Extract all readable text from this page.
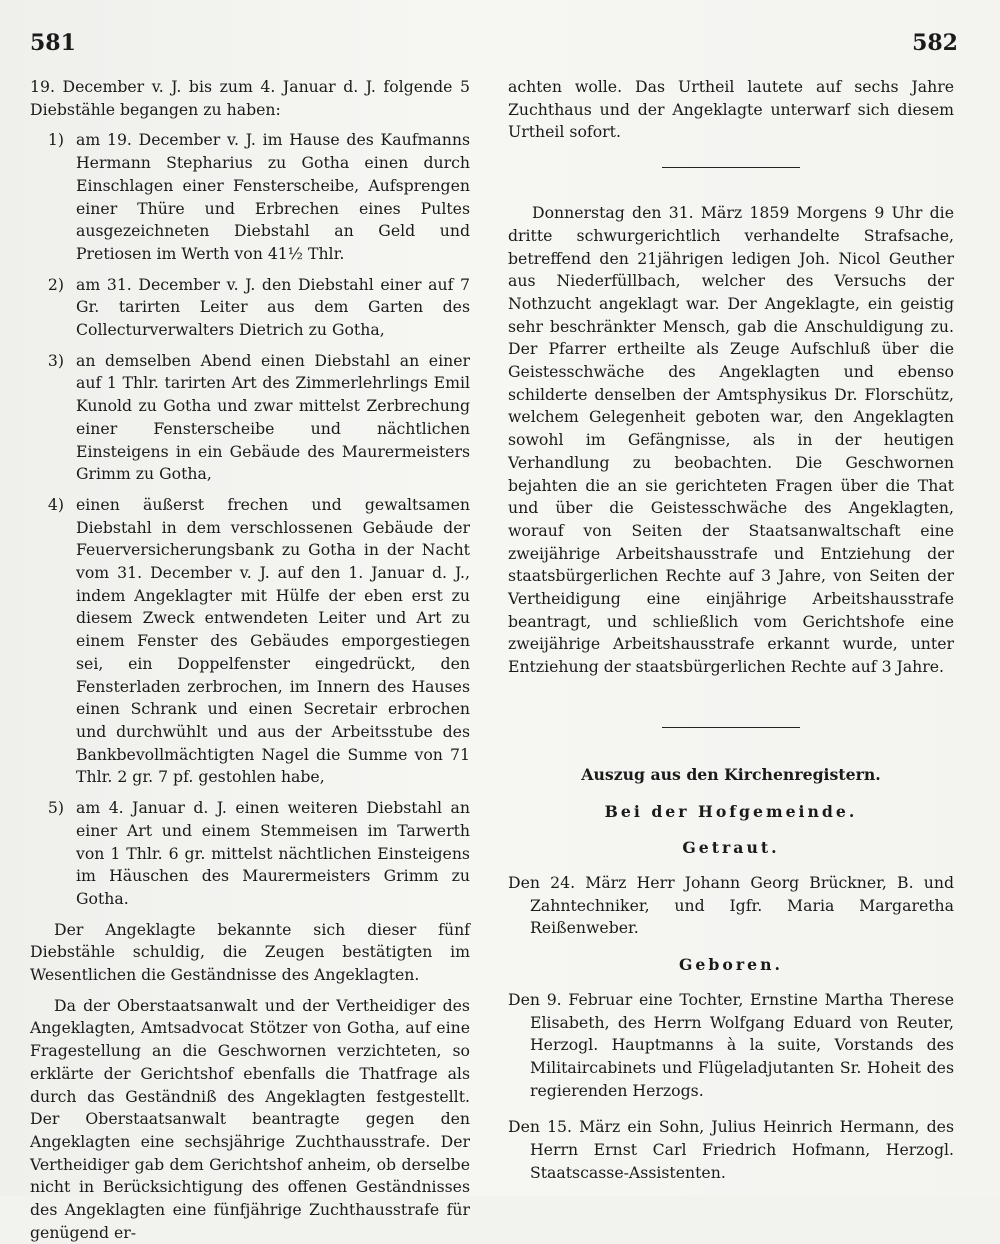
581	582

19. December v. J. bis zum 4. Januar d. J. folgende 5 Diebstähle begangen zu haben:

1) am 19. December v. J. im Hause des Kaufmanns Hermann Stepharius zu Gotha einen durch Einschlagen einer Fensterscheibe, Aufsprengen einer Thüre und Erbrechen eines Pultes ausgezeichneten Diebstahl an Geld und Pretiosen im Werth von 41½ Thlr.
2) am 31. December v. J. den Diebstahl einer auf 7 Gr. tarirten Leiter aus dem Garten des Collecturverwalters Dietrich zu Gotha,
3) an demselben Abend einen Diebstahl an einer auf 1 Thlr. tarirten Art des Zimmerlehrlings Emil Kunold zu Gotha und zwar mittelst Zerbrechung einer Fensterscheibe und nächtlichen Einsteigens in ein Gebäude des Maurermeisters Grimm zu Gotha,
4) einen äußerst frechen und gewaltsamen Diebstahl in dem verschlossenen Gebäude der Feuerversicherungsbank zu Gotha in der Nacht vom 31. December v. J. auf den 1. Januar d. J., indem Angeklagter mit Hülfe der eben erst zu diesem Zweck entwendeten Leiter und Art zu einem Fenster des Gebäudes emporgestiegen sei, ein Doppelfenster eingedrückt, den Fensterladen zerbrochen, im Innern des Hauses einen Schrank und einen Secretair erbrochen und durchwühlt und aus der Arbeitsstube des Bankbevollmächtigten Nagel die Summe von 71 Thlr. 2 gr. 7 pf. gestohlen habe,
5) am 4. Januar d. J. einen weiteren Diebstahl an einer Art und einem Stemmeisen im Tarwerth von 1 Thlr. 6 gr. mittelst nächtlichen Einsteigens im Häuschen des Maurermeisters Grimm zu Gotha.

Der Angeklagte bekannte sich dieser fünf Diebstähle schuldig, die Zeugen bestätigten im Wesentlichen die Geständnisse des Angeklagten.

Da der Oberstaatsanwalt und der Vertheidiger des Angeklagten, Amtsadvocat Stötzer von Gotha, auf eine Fragestellung an die Geschwornen verzichteten, so erklärte der Gerichtshof ebenfalls die Thatfrage als durch das Geständniß des Angeklagten festgestellt. Der Oberstaatsanwalt beantragte gegen den Angeklagten eine sechsjährige Zuchthausstrafe. Der Vertheidiger gab dem Gerichtshof anheim, ob derselbe nicht in Berücksichtigung des offenen Geständnisses des Angeklagten eine fünfjährige Zuchthausstrafe für genügend er-

achten wolle. Das Urtheil lautete auf sechs Jahre Zuchthaus und der Angeklagte unterwarf sich diesem Urtheil sofort.

Donnerstag den 31. März 1859 Morgens 9 Uhr die dritte schwurgerichtlich verhandelte Strafsache, betreffend den 21jährigen ledigen Joh. Nicol Geuther aus Niederfüllbach, welcher des Versuchs der Nothzucht angeklagt war. Der Angeklagte, ein geistig sehr beschränkter Mensch, gab die Anschuldigung zu. Der Pfarrer ertheilte als Zeuge Aufschluß über die Geistesschwäche des Angeklagten und ebenso schilderte denselben der Amtsphysikus Dr. Florschütz, welchem Gelegenheit geboten war, den Angeklagten sowohl im Gefängnisse, als in der heutigen Verhandlung zu beobachten. Die Geschwornen bejahten die an sie gerichteten Fragen über die That und über die Geistesschwäche des Angeklagten, worauf von Seiten der Staatsanwaltschaft eine zweijährige Arbeitshausstrafe und Entziehung der staatsbürgerlichen Rechte auf 3 Jahre, von Seiten der Vertheidigung eine einjährige Arbeitshausstrafe beantragt, und schließlich vom Gerichtshofe eine zweijährige Arbeitshausstrafe erkannt wurde, unter Entziehung der staatsbürgerlichen Rechte auf 3 Jahre.

Auszug aus den Kirchenregistern.

Bei der Hofgemeinde.

Getraut.

Den 24. März Herr Johann Georg Brückner, B. und Zahntechniker, und Igfr. Maria Margaretha Reißenweber.

Geboren.

Den 9. Februar eine Tochter, Ernstine Martha Therese Elisabeth, des Herrn Wolfgang Eduard von Reuter, Herzogl. Hauptmanns à la suite, Vorstands des Militaircabinets und Flügeladjutanten Sr. Hoheit des regierenden Herzogs.

Den 15. März ein Sohn, Julius Heinrich Hermann, des Herrn Ernst Carl Friedrich Hofmann, Herzogl. Staatscasse-Assistenten.
